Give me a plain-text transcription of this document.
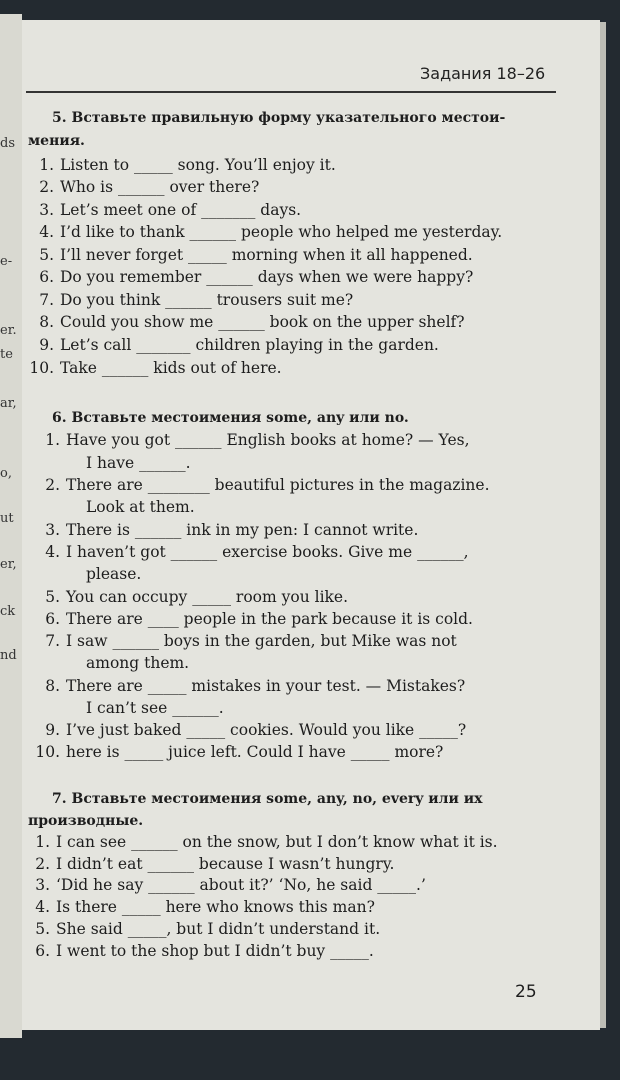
ds
e-
er.
te
ar,
o,
ut
er,
ck
nd
Задания 18–26
5. Вставьте правильную форму указательного местои-
мения.
1. Listen to _____ song. You’ll enjoy it.
2. Who is ______ over there?
3. Let’s meet one of _______ days.
4. I’d like to thank ______ people who helped me yesterday.
5. I’ll never forget _____ morning when it all happened.
6. Do you remember ______ days when we were happy?
7. Do you think ______ trousers suit me?
8. Could you show me ______ book on the upper shelf?
9. Let’s call _______ children playing in the garden.
10. Take ______ kids out of here.
6. Вставьте местоимения some, any или no.
1. Have you got ______ English books at home? — Yes,
I have ______.
2. There are ________ beautiful pictures in the magazine.
Look at them.
3. There is ______ ink in my pen: I cannot write.
4. I haven’t got ______ exercise books. Give me ______,
please.
5. You can occupy _____ room you like.
6. There are ____ people in the park because it is cold.
7. I saw ______ boys in the garden, but Mike was not
among them.
8. There are _____ mistakes in your test. — Mistakes?
I can’t see ______.
9. I’ve just baked _____ cookies. Would you like _____?
10. here is _____ juice left. Could I have _____ more?
7. Вставьте местоимения some, any, no, every или их
производные.
1. I can see ______ on the snow, but I don’t know what it is.
2. I didn’t eat ______ because I wasn’t hungry.
3. ‘Did he say ______ about it?’ ‘No, he said _____.’
4. Is there _____ here who knows this man?
5. She said _____, but I didn’t understand it.
6. I went to the shop but I didn’t buy _____.
25
